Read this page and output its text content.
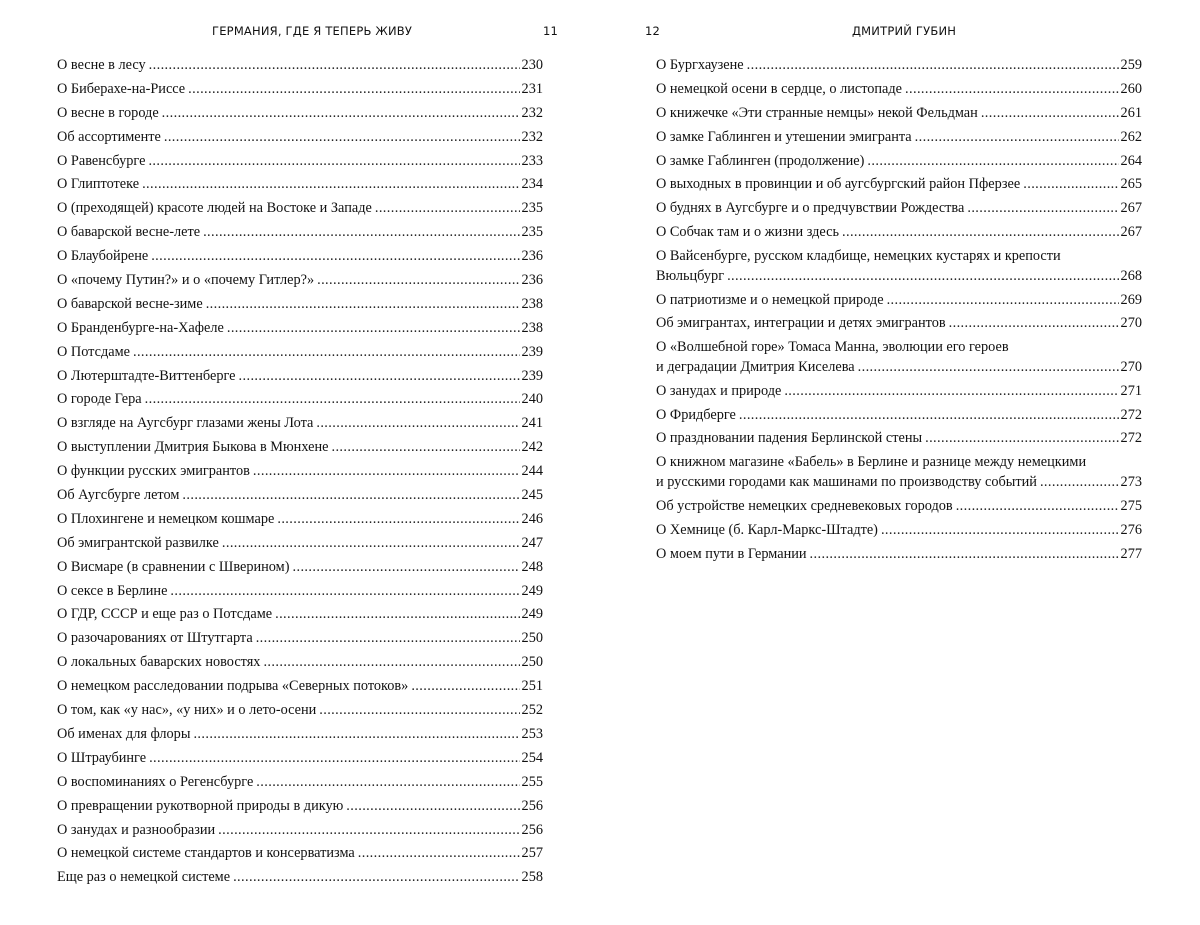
ГЕРМАНИЯ, ГДЕ Я ТЕПЕРЬ ЖИВУ	11
О весне в лесу .....	230
О Биберахе-на-Риссе .....	231
О весне в городе .....	232
Об ассортименте .....	232
О Равенсбурге .....	233
О Глиптотеке .....	234
О (преходящей) красоте людей на Востоке и Западе .....	235
О баварской весне-лете .....	235
О Блаубойрене .....	236
О «почему Путин?» и о «почему Гитлер?» .....	236
О баварской весне-зиме .....	238
О Бранденбурге-на-Хафеле .....	238
О Потсдаме .....	239
О Лютерштадте-Виттенберге .....	239
О городе Гера .....	240
О взгляде на Аугсбург глазами жены Лота .....	241
О выступлении Дмитрия Быкова в Мюнхене .....	242
О функции русских эмигрантов .....	244
Об Аугсбурге летом .....	245
О Плохингене и немецком кошмаре .....	246
Об эмигрантской развилке .....	247
О Висмаре (в сравнении с Шверином) .....	248
О сексе в Берлине .....	249
О ГДР, СССР и еще раз о Потсдаме .....	249
О разочарованиях от Штутгарта .....	250
О локальных баварских новостях .....	250
О немецком расследовании подрыва «Северных потоков» .....	251
О том, как «у нас», «у них» и о лето-осени .....	252
Об именах для флоры .....	253
О Штраубинге .....	254
О воспоминаниях о Регенсбурге .....	255
О превращении рукотворной природы в дикую .....	256
О занудах и разнообразии .....	256
О немецкой системе стандартов и консерватизма .....	257
Еще раз о немецкой системе .....	258
12	ДМИТРИЙ ГУБИН
О Бургхаузене .....	259
О немецкой осени в сердце, о листопаде .....	260
О книжечке «Эти странные немцы» некой Фельдман .....	261
О замке Габлинген и утешении эмигранта .....	262
О замке Габлинген (продолжение) .....	264
О выходных в провинции и об аугсбургский район Пферзее .....	265
О буднях в Аугсбурге и о предчувствии Рождества .....	267
О Собчак там и о жизни здесь .....	267
О Вайсенбурге, русском кладбище, немецких кустарях и крепости
Вюльцбург .....	268
О патриотизме и о немецкой природе .....	269
Об эмигрантах, интеграции и детях эмигрантов .....	270
О «Волшебной горе» Томаса Манна, эволюции его героев
и деградации Дмитрия Киселева .....	270
О занудах и природе .....	271
О Фридберге .....	272
О праздновании падения Берлинской стены .....	272
О книжном магазине «Бабель» в Берлине и разнице между немецкими
и русскими городами как машинами по производству событий .....	273
Об устройстве немецких средневековых городов .....	275
О Хемнице (б. Карл-Маркс-Штадте) .....	276
О моем пути в Германии .....	277
